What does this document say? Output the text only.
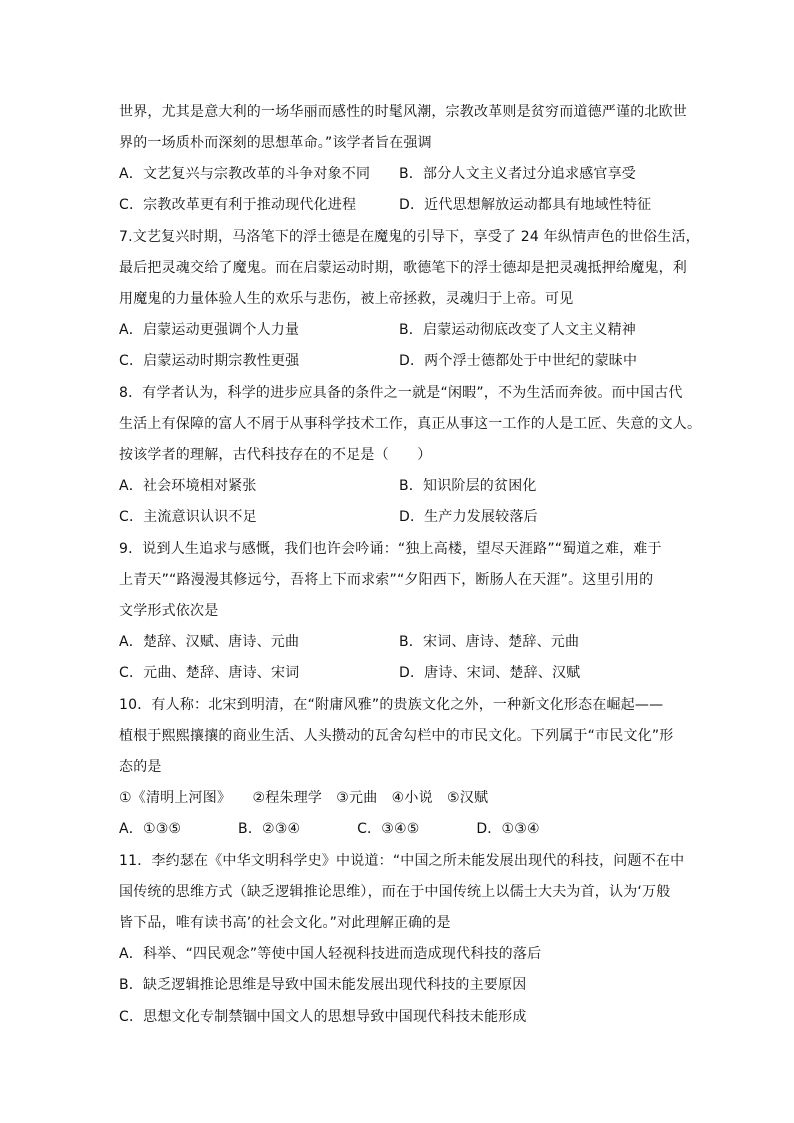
世界，尤其是意大利的一场华丽而感性的时髦风潮，宗教改革则是贫穷而道德严谨的北欧世
界的一场质朴而深刻的思想革命。”该学者旨在强调
A．文艺复兴与宗教改革的斗争对象不同 B．部分人文主义者过分追求感官享受
C．宗教改革更有利于推动现代化进程	D．近代思想解放运动都具有地域性特征
7.文艺复兴时期，马洛笔下的浮士德是在魔鬼的引导下，享受了 24 年纵情声色的世俗生活，
最后把灵魂交给了魔鬼。而在启蒙运动时期，歌德笔下的浮士德却是把灵魂抵押给魔鬼，利
用魔鬼的力量体验人生的欢乐与悲伤，被上帝拯救，灵魂归于上帝。可见
A．启蒙运动更强调个人力量	B．启蒙运动彻底改变了人文主义精神
C．启蒙运动时期宗教性更强	D．两个浮士德都处于中世纪的蒙昧中
8．有学者认为，科学的进步应具备的条件之一就是“闲暇”，不为生活而奔彼。而中国古代
生活上有保障的富人不屑于从事科学技术工作，真正从事这一工作的人是工匠、失意的文人。
按该学者的理解，古代科技存在的不足是（　　）
A．社会环境相对紧张	B．知识阶层的贫困化
C．主流意识认识不足	D．生产力发展较落后
9．说到人生追求与感慨，我们也许会吟诵：“独上高楼，望尽天涯路”“蜀道之难，难于
上青天”“路漫漫其修远兮，吾将上下而求索”“夕阳西下，断肠人在天涯”。这里引用的
文学形式依次是
A．楚辞、汉赋、唐诗、元曲	B．宋词、唐诗、楚辞、元曲
C．元曲、楚辞、唐诗、宋词	D．唐诗、宋词、楚辞、汉赋
10．有人称：北宋到明清，在“附庸风雅”的贵族文化之外，一种新文化形态在崛起——
植根于熙熙攘攘的商业生活、人头攒动的瓦舍勾栏中的市民文化。下列属于“市民文化”形
态的是
①《清明上河图》　　②程朱理学　③元曲　④小说　⑤汉赋
A．①③⑤　　　　B．②③④　　　　C．③④⑤　　　　D．①③④
11．李约瑟在《中华文明科学史》中说道：“中国之所未能发展出现代的科技，问题不在中
国传统的思维方式（缺乏逻辑推论思维），而在于中国传统上以儒士大夫为首，认为‘万般
皆下品，唯有读书高’的社会文化。”对此理解正确的是
A．科举、“四民观念”等使中国人轻视科技进而造成现代科技的落后
B．缺乏逻辑推论思维是导致中国未能发展出现代科技的主要原因
C．思想文化专制禁锢中国文人的思想导致中国现代科技未能形成
